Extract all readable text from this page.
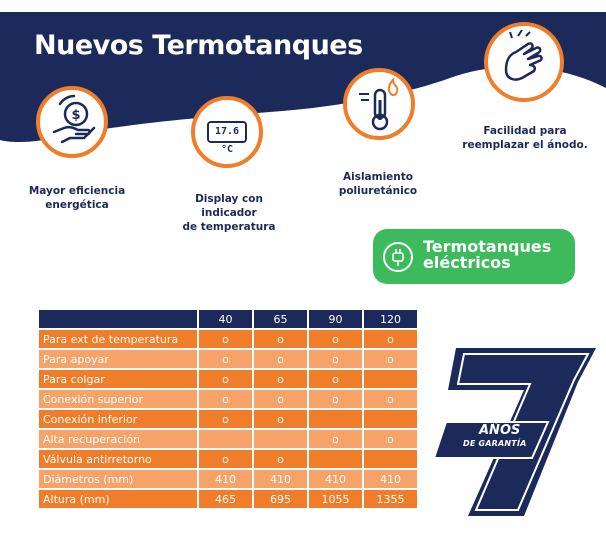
Nuevos Termotanques
$
Mayor eficiencia
energética
17.6 °C
Display con indicador
de temperatura
Aislamiento
poliuretánico
Facilidad para
reemplazar el ánodo.
Termotanques
eléctricos
	40	65	90	120
Para ext de temperatura	o	o	o	o
Para apoyar	o	o	o	o
Para colgar	o	o	o	
Conexión superior	o	o	o	o
Conexión inferior	o	o		
Alta recuperación			o	o
Válvula antirretorno	o	o		
Diámetros (mm)	410	410	410	410
Altura (mm)	465	695	1055	1355
AÑOS
DE GARANTÍA
